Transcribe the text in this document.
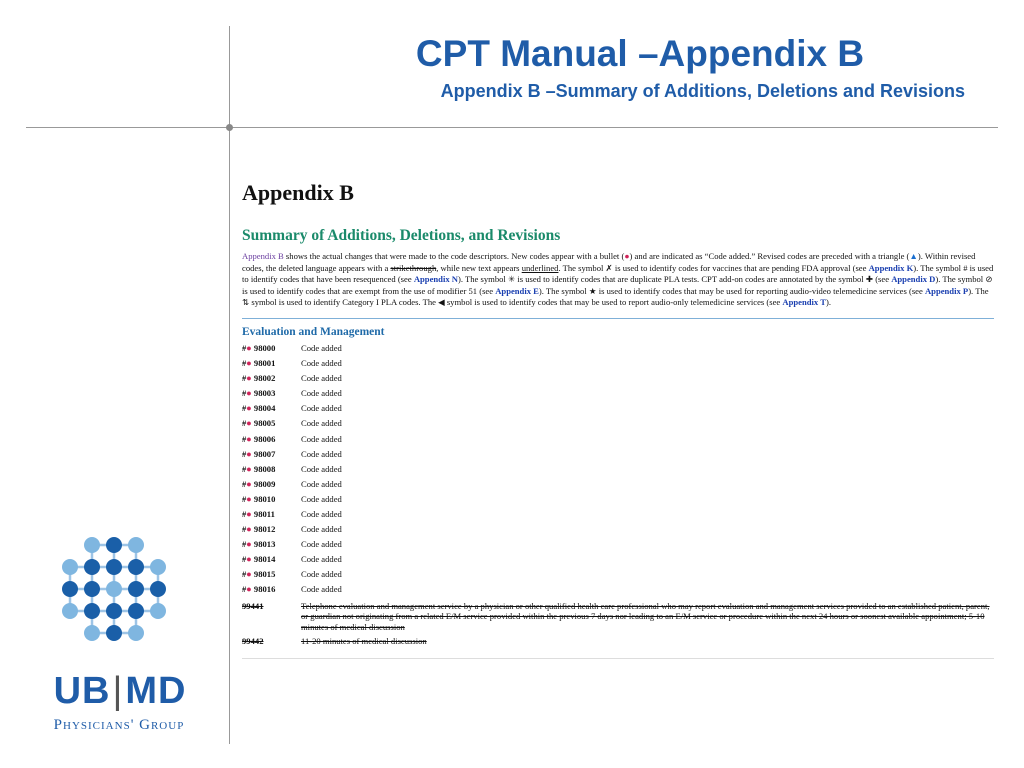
CPT Manual –Appendix B
Appendix B –Summary of Additions, Deletions and Revisions
UB|MD
Physicians' Group
Appendix B
Summary of Additions, Deletions, and Revisions

Appendix B shows the actual changes that were made to the code descriptors. New codes appear with a bullet (●) and are indicated as “Code added.” Revised codes are preceded with a triangle (▲). Within revised codes, the deleted language appears with a strikethrough, while new text appears underlined. The symbol ✗ is used to identify codes for vaccines that are pending FDA approval (see Appendix K). The symbol # is used to identify codes that have been resequenced (see Appendix N). The symbol ✳ is used to identify codes that are duplicate PLA tests. CPT add-on codes are annotated by the symbol ✚ (see Appendix D). The symbol ⊘ is used to identify codes that are exempt from the use of modifier 51 (see Appendix E). The symbol ★ is used to identify codes that may be used for reporting audio-video telemedicine services (see Appendix P). The ⇅ symbol is used to identify Category I PLA codes. The ◀ symbol is used to identify codes that may be used to report audio-only telemedicine services (see Appendix T).

Evaluation and Management
#● 98000	Code added
#● 98001	Code added
#● 98002	Code added
#● 98003	Code added
#● 98004	Code added
#● 98005	Code added
#● 98006	Code added
#● 98007	Code added
#● 98008	Code added
#● 98009	Code added
#● 98010	Code added
#● 98011	Code added
#● 98012	Code added
#● 98013	Code added
#● 98014	Code added
#● 98015	Code added
#● 98016	Code added
99441	Telephone evaluation and management service by a physician or other qualified health care professional who may report evaluation and management services provided to an established patient, parent, or guardian not originating from a related E/M service provided within the previous 7 days nor leading to an E/M service or procedure within the next 24 hours or soonest available appointment; 5-10 minutes of medical discussion
99442	11-20 minutes of medical discussion
